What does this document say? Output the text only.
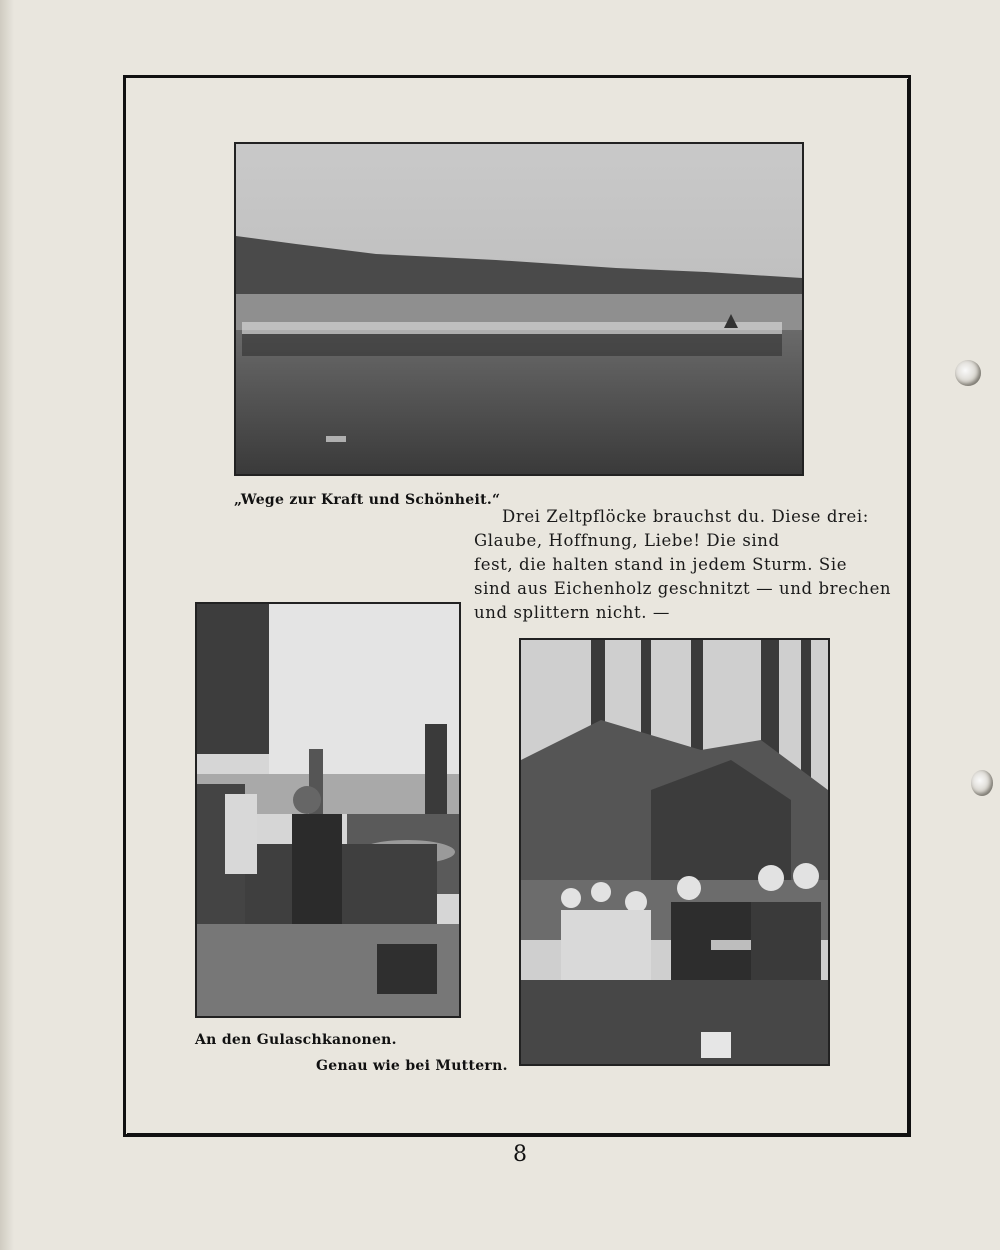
„Wege zur Kraft und Schönheit.“
Drei Zeltpflöcke brauchst du. Diese drei:
Glaube, Hoffnung, Liebe! Die sind
fest, die halten stand in jedem Sturm. Sie
sind aus Eichenholz geschnitzt — und brechen
und splittern nicht. —
An den Gulaschkanonen.
Genau wie bei Muttern.
8
